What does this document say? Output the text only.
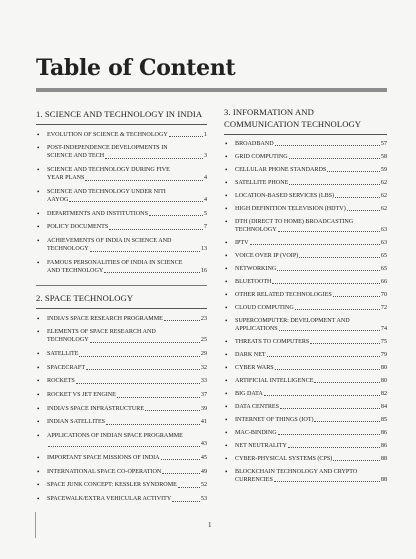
Table of Content
1. SCIENCE AND TECHNOLOGY IN INDIA
• EVOLUTION OF SCIENCE & TECHNOLOGY	1
• POST-INDEPENDENCE DEVELOPMENTS IN
SCIENCE AND TECH	3
• SCIENCE AND TECHNOLOGY DURING FIVE
YEAR PLANS	4
• SCIENCE AND TECHNOLOGY UNDER NITI
AAYOG	4
• DEPARTMENTS AND INSTITUTIONS	5
• POLICY DOCUMENTS	7
• ACHIEVEMENTS OF INDIA IN SCIENCE AND
TECHNOLOGY	13
• FAMOUS PERSONALITIES OF INDIA IN SCIENCE
AND TECHNOLOGY	16
2. SPACE TECHNOLOGY
• INDIA'S SPACE RESEARCH PROGRAMME	23
• ELEMENTS OF SPACE RESEARCH AND
TECHNOLOGY	25
• SATELLITE	29
• SPACECRAFT	32
• ROCKETS	33
• ROCKET VS JET ENGINE	37
• INDIA'S SPACE INFRASTRUCTURE	39
• INDIAN SATELLITES	41
• APPLICATIONS OF INDIAN SPACE PROGRAMME
43
• IMPORTANT SPACE MISSIONS OF INDIA	45
• INTERNATIONAL SPACE CO-OPERATION	49
• SPACE JUNK CONCEPT: KESSLER SYNDROME	52
• SPACEWALK/EXTRA VEHICULAR ACTIVITY	53
3. INFORMATION AND
COMMUNICATION TECHNOLOGY
• BROADBAND	57
• GRID COMPUTING	58
• CELLULAR PHONE STANDARDS	59
• SATELLITE PHONE	62
• LOCATION-BASED SERVICES (LBS)	62
• HIGH DEFINITION TELEVISION (HDTV)	62
• DTH (DIRECT TO HOME) BROADCASTING
TECHNOLOGY	63
• IPTV	63
• VOICE OVER IP (VOIP)	65
• NETWORKING	65
• BLUETOOTH	66
• OTHER RELATED TECHNOLOGIES	70
• CLOUD COMPUTING	72
• SUPERCOMPUTER: DEVELOPMENT AND
APPLICATIONS	74
• THREATS TO COMPUTERS	75
• DARK NET	79
• CYBER WARS	80
• ARTIFICIAL INTELLIGENCE	80
• BIG DATA	82
• DATA CENTRES	84
• INTERNET OF THINGS (IOT)	85
• MAC-BINDING	86
• NET NEUTRALITY	86
• CYBER-PHYSICAL SYSTEMS (CPS)	88
• BLOCKCHAIN TECHNOLOGY AND CRYPTO
CURRENCIES	88
1
